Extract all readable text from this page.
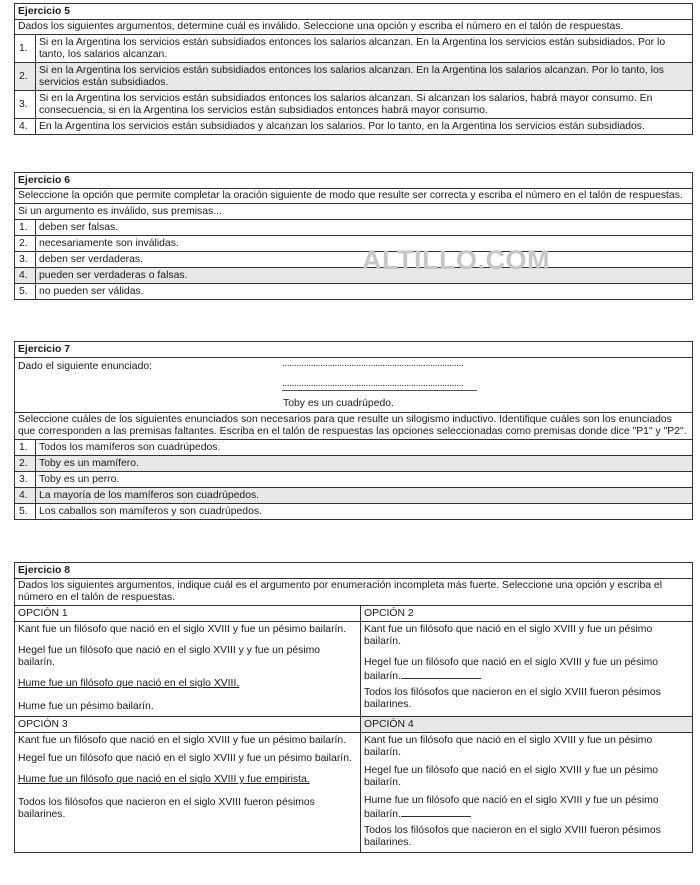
Ejercicio 5
Dados los siguientes argumentos, determine cuál es inválido. Seleccione una opción y escriba el número en el talón de respuestas.
1.
Si en la Argentina los servicios están subsidiados entonces los salarios alcanzan. En la Argentina los servicios están subsidiados. Por lo tanto, los salarios alcanzan.
2.
Si en la Argentina los servicios están subsidiados entonces los salarios alcanzan. En la Argentina los salarios alcanzan. Por lo tanto, los servicios están subsidiados.
3.
Si en la Argentina los servicios están subsidiados entonces los salarios alcanzan. Si alcanzan los salarios, habrá mayor consumo. En consecuencia, si en la Argentina los servicios están subsidiados entonces habrá mayor consumo.
4.	En la Argentina los servicios están subsidiados y alcanzan los salarios. Por lo tanto, en la Argentina los servicios están subsidiados.
Ejercicio 6
Seleccione la opción que permite completar la oración siguiente de modo que resulte ser correcta y escriba el número en el talón de respuestas.
Si un argumento es inválido, sus premisas...
1.	deben ser falsas.
2.	necesariamente son inválidas.
3.	deben ser verdaderas.
4.	pueden ser verdaderas o falsas.
5.	no pueden ser válidas.
ALTILLO.COM
Ejercicio 7
Dado el siguiente enunciado:	............................................................................
............................................................................
Toby es un cuadrúpedo.
Seleccione cuáles de los siguientes enunciados son necesarios para que resulte un silogismo inductivo. Identifique cuáles son los enunciados que corresponden a las premisas faltantes. Escriba en el talón de respuestas las opciones seleccionadas como premisas donde dice "P1" y "P2".
1.	Todos los mamíferos son cuadrúpedos.
2.	Toby es un mamífero.
3.	Toby es un perro.
4.	La mayoría de los mamíferos son cuadrúpedos.
5.	Los caballos son mamíferos y son cuadrúpedos.
Ejercicio 8
Dados los siguientes argumentos, indique cuál es el argumento por enumeración incompleta más fuerte. Seleccione una opción y escriba el número en el talón de respuestas.
OPCIÓN 1

Kant fue un filósofo que nació en el siglo XVIII y fue un pésimo bailarín.

Hegel fue un filósofo que nació en el siglo XVIII y y fue un pésimo bailarín.

Hume fue un filósofo que nació en el siglo XVIII.

Hume fue un pésimo bailarín.

OPCIÓN 2

Kant fue un filósofo que nació en el siglo XVIII y fue un pésimo bailarín.

Hegel fue un filósofo que nació en el siglo XVIII y fue un pésimo bailarín.

Todos los filósofos que nacieron en el siglo XVIII fueron pésimos bailarines.

OPCIÓN 3

Kant fue un filósofo que nació en el siglo XVIII y fue un pésimo bailarín.

Hegel fue un filósofo que nació en el siglo XVIII y fue un pésimo bailarín.

Hume fue un filósofo que nació en el siglo XVIII y fue empirista.

Todos los filósofos que nacieron en el siglo XVIII fueron pésimos bailarines.

OPCIÓN 4

Kant fue un filósofo que nació en el siglo XVIII y fue un pésimo bailarín.

Hegel fue un filósofo que nació en el siglo XVIII y fue un pésimo bailarín.

Hume fue un filósofo que nació en el siglo XVIII y fue un pésimo bailarín.

Todos los filósofos que nacieron en el siglo XVIII fueron pésimos bailarines.
